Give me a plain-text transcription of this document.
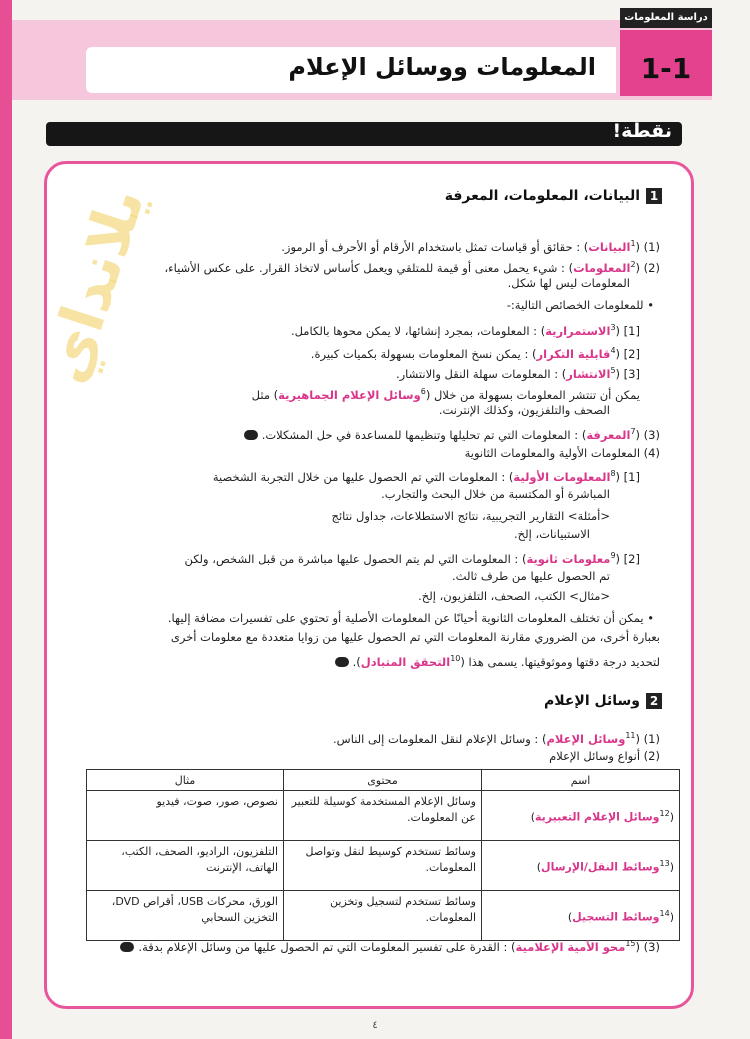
دراسة المعلومات
1-1
المعلومات ووسائل الإعلام
نقطة!
يلانداي	1البيانات، المعلومات، المعرفة
(1) ($^1$البيانات) : حقائق أو قياسات تمثل باستخدام الأرقام أو الأحرف أو الرموز.
(2) ($^2$المعلومات) : شيء يحمل معنى أو قيمة للمتلقي ويعمل كأساس لاتخاذ القرار. على عكس الأشياء،
المعلومات ليس لها شكل.
• للمعلومات الخصائص التالية:-
[1] ($^3$الاستمرارية) : المعلومات، بمجرد إنشائها، لا يمكن محوها بالكامل.
[2] ($^4$قابلية التكرار) : يمكن نسخ المعلومات بسهولة بكميات كبيرة.
[3] ($^5$الانتشار) : المعلومات سهلة النقل والانتشار.
يمكن أن تنتشر المعلومات بسهولة من خلال ($^6$وسائل الإعلام الجماهيرية) مثل
الصحف والتلفزيون، وكذلك الإنترنت.
(3) ($^7$المعرفة) : المعلومات التي تم تحليلها وتنظيمها للمساعدة في حل المشكلات.
(4) المعلومات الأولية والمعلومات الثانوية
[1] ($^8$المعلومات الأولية) : المعلومات التي تم الحصول عليها من خلال التجربة الشخصية
المباشرة أو المكتسبة من خلال البحث والتجارب.
<أمثلة> التقارير التجريبية، نتائج الاستطلاعات، جداول نتائج
الاستبيانات، إلخ.
[2] ($^9$معلومات ثانوية) : المعلومات التي لم يتم الحصول عليها مباشرة من قبل الشخص، ولكن
تم الحصول عليها من طرف ثالث.
<مثال> الكتب، الصحف، التلفزيون، إلخ.
• يمكن أن تختلف المعلومات الثانوية أحيانًا عن المعلومات الأصلية أو تحتوي على تفسيرات مضافة إليها.
بعبارة أخرى، من الضروري مقارنة المعلومات التي تم الحصول عليها من زوايا متعددة مع معلومات أخرى
لتحديد درجة دقتها وموثوقيتها. يسمى هذا ($^{10}$التحقق المتبادل).
2وسائل الإعلام
(1) ($^{11}$وسائل الإعلام) : وسائل الإعلام لنقل المعلومات إلى الناس.
(2) أنواع وسائل الإعلام
اسم	محتوى	مثال
($^{12}$وسائل الإعلام التعبيرية)	وسائل الإعلام المستخدمة كوسيلة للتعبير عن المعلومات.	نصوص، صور، صوت، فيديو
($^{13}$وسائط النقل/الإرسال)	وسائط تستخدم كوسيط لنقل وتواصل المعلومات.	التلفزيون، الراديو، الصحف، الكتب، الهاتف، الإنترنت
($^{14}$وسائط التسجيل)	وسائط تستخدم لتسجيل وتخزين المعلومات.	الورق، محركات USB، أقراص DVD، التخزين السحابي
(3) ($^{15}$محو الأمية الإعلامية) : القدرة على تفسير المعلومات التي تم الحصول عليها من وسائل الإعلام بدقة.
٤
